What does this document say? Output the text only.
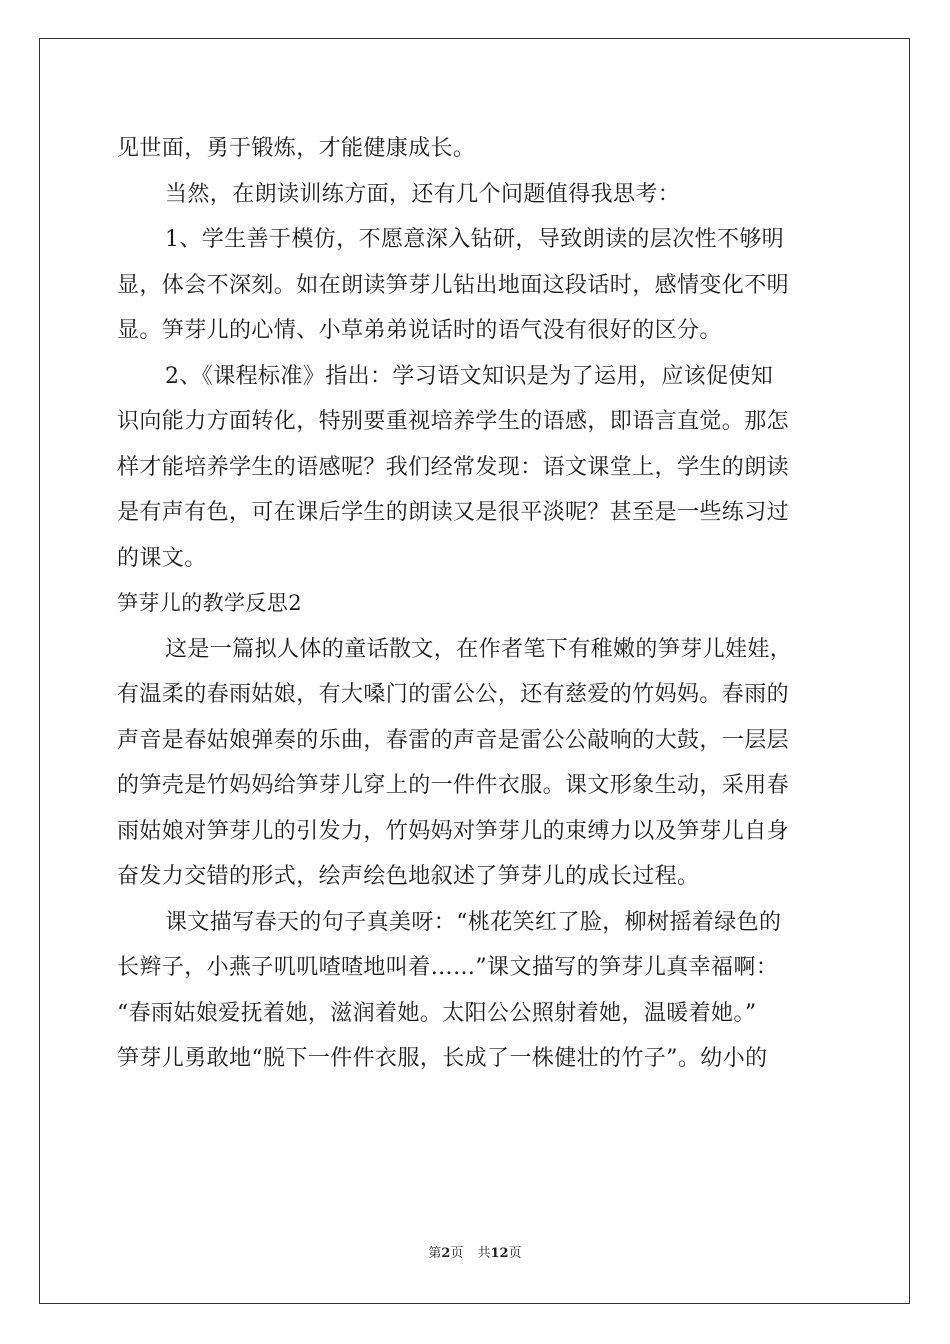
见世面，勇于锻炼，才能健康成长。
当然，在朗读训练方面，还有几个问题值得我思考：
1、学生善于模仿，不愿意深入钻研，导致朗读的层次性不够明
显，体会不深刻。如在朗读笋芽儿钻出地面这段话时，感情变化不明
显。笋芽儿的心情、小草弟弟说话时的语气没有很好的区分。
2、《课程标准》指出：学习语文知识是为了运用，应该促使知
识向能力方面转化，特别要重视培养学生的语感，即语言直觉。那怎
样才能培养学生的语感呢？我们经常发现：语文课堂上，学生的朗读
是有声有色，可在课后学生的朗读又是很平淡呢？甚至是一些练习过
的课文。
笋芽儿的教学反思2
这是一篇拟人体的童话散文，在作者笔下有稚嫩的笋芽儿娃娃，
有温柔的春雨姑娘，有大嗓门的雷公公，还有慈爱的竹妈妈。春雨的
声音是春姑娘弹奏的乐曲，春雷的声音是雷公公敲响的大鼓，一层层
的笋壳是竹妈妈给笋芽儿穿上的一件件衣服。课文形象生动，采用春
雨姑娘对笋芽儿的引发力，竹妈妈对笋芽儿的束缚力以及笋芽儿自身
奋发力交错的形式，绘声绘色地叙述了笋芽儿的成长过程。
课文描写春天的句子真美呀：“桃花笑红了脸，柳树摇着绿色的
长辫子，小燕子叽叽喳喳地叫着……”课文描写的笋芽儿真幸福啊：
“春雨姑娘爱抚着她，滋润着她。太阳公公照射着她，温暖着她。”
笋芽儿勇敢地“脱下一件件衣服，长成了一株健壮的竹子”。幼小的
第2页 共12页
